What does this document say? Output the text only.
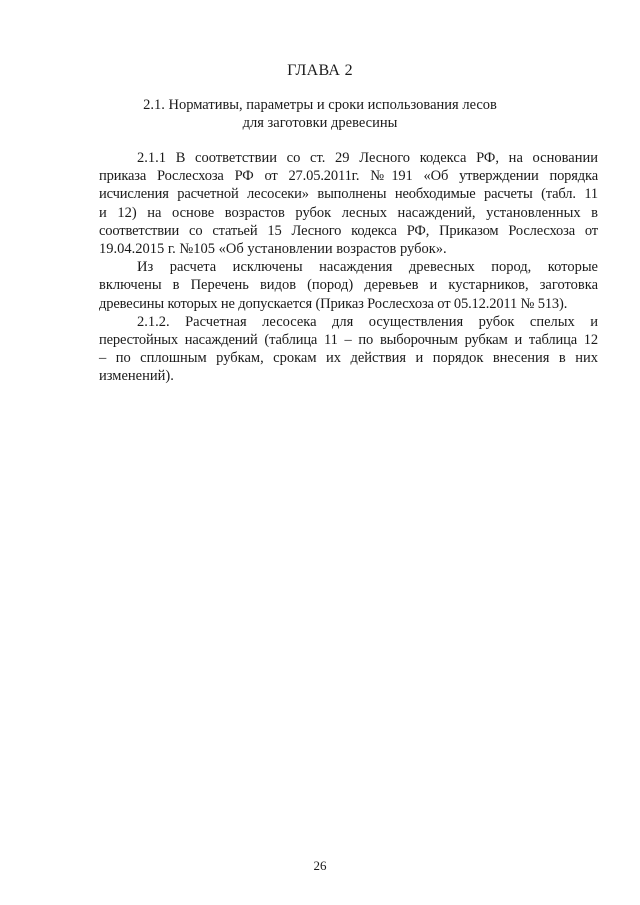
ГЛАВА 2
2.1. Нормативы, параметры и сроки использования лесов
для заготовки древесины

2.1.1 В соответствии со ст. 29 Лесного кодекса РФ, на основании
приказа Рослесхоза РФ от 27.05.2011г. №191 «Об утверждении порядка
исчисления расчетной лесосеки» выполнены необходимые расчеты (табл. 11
и 12) на основе возрастов рубок лесных насаждений, установленных в
соответствии со статьей 15 Лесного кодекса РФ, Приказом Рослесхоза от
19.04.2015 г. №105 «Об установлении возрастов рубок».

Из расчета исключены насаждения древесных пород, которые
включены в Перечень видов (пород) деревьев и кустарников, заготовка
древесины которых не допускается (Приказ Рослесхоза от 05.12.2011 № 513).

2.1.2. Расчетная лесосека для осуществления рубок спелых и
перестойных насаждений (таблица 11 – по выборочным рубкам и таблица 12
– по сплошным рубкам, срокам их действия и порядок внесения в них
изменений).

26
